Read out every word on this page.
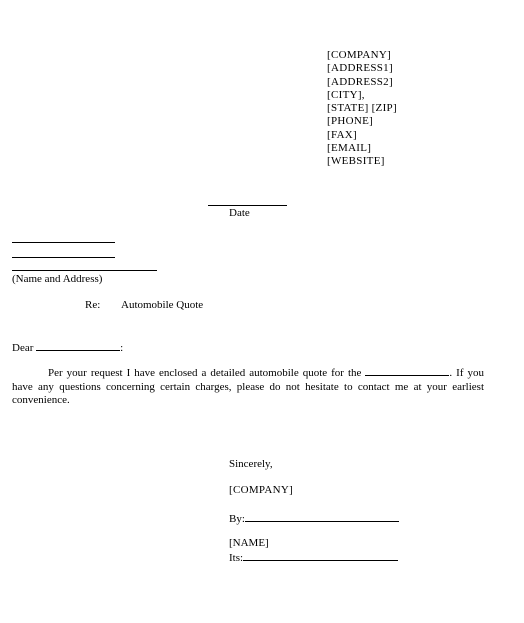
[COMPANY]
[ADDRESS1]
[ADDRESS2]
[CITY],
[STATE] [ZIP]
[PHONE]
[FAX]
[EMAIL]
[WEBSITE]
Date
(Name and Address)
Re: Automobile Quote
Dear	:
Per your request I have enclosed a detailed automobile quote for the	. If you have any questions concerning certain charges, please do not hesitate to contact me at your earliest convenience.
Sincerely,
[COMPANY]
By:
[NAME]
Its:
